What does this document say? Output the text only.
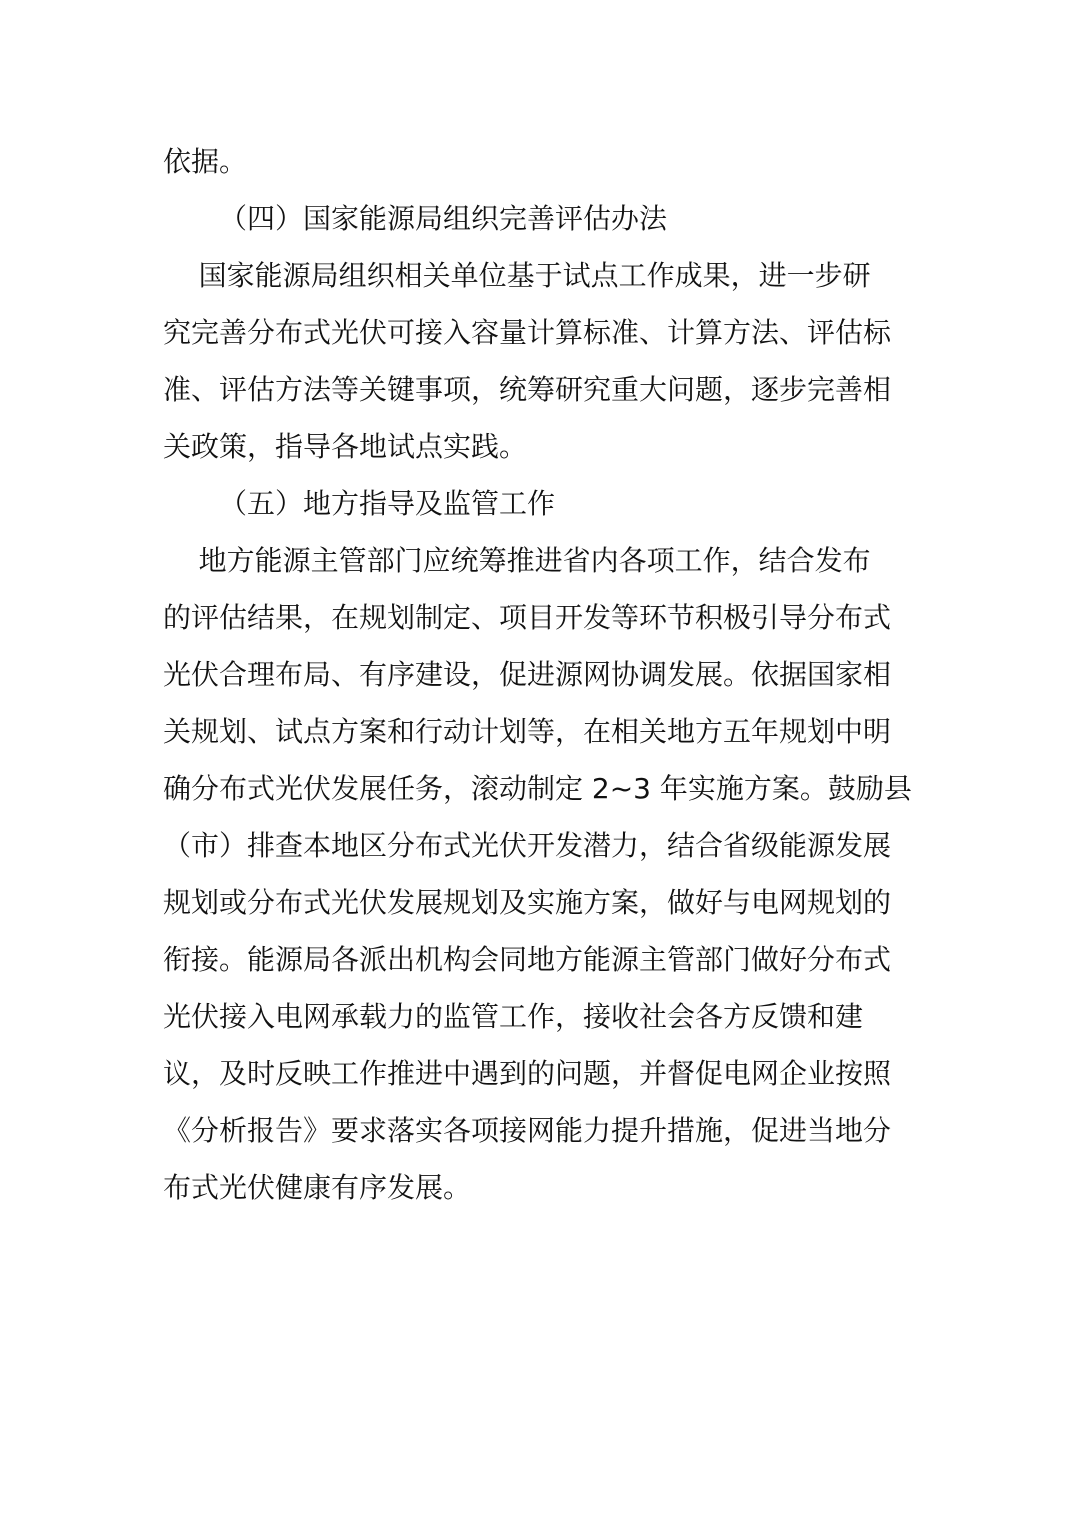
依据。

（四）国家能源局组织完善评估办法

国家能源局组织相关单位基于试点工作成果，进一步研

究完善分布式光伏可接入容量计算标准、计算方法、评估标

准、评估方法等关键事项，统筹研究重大问题，逐步完善相

关政策，指导各地试点实践。

（五）地方指导及监管工作

地方能源主管部门应统筹推进省内各项工作，结合发布

的评估结果，在规划制定、项目开发等环节积极引导分布式

光伏合理布局、有序建设，促进源网协调发展。依据国家相

关规划、试点方案和行动计划等，在相关地方五年规划中明

确分布式光伏发展任务，滚动制定 2~3 年实施方案。鼓励县

（市）排查本地区分布式光伏开发潜力，结合省级能源发展

规划或分布式光伏发展规划及实施方案，做好与电网规划的

衔接。能源局各派出机构会同地方能源主管部门做好分布式

光伏接入电网承载力的监管工作，接收社会各方反馈和建

议，及时反映工作推进中遇到的问题，并督促电网企业按照

《分析报告》要求落实各项接网能力提升措施，促进当地分

布式光伏健康有序发展。
